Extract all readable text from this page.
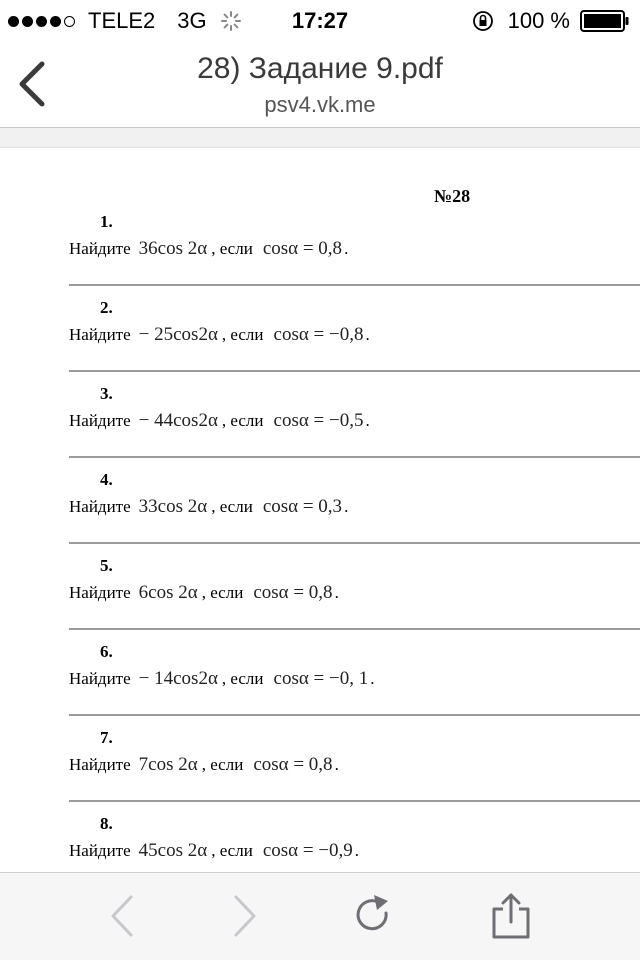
TELE2 3G	17:27	100 %
28) Задание 9.pdf
psv4.vk.me
№28
1.
Найдите 36cos 2α , если cosα = 0,8 .
2.
Найдите − 25cos2α , если cosα = −0,8 .
3.
Найдите − 44cos2α , если cosα = −0,5 .
4.
Найдите 33cos 2α , если cosα = 0,3 .
5.
Найдите 6cos 2α , если cosα = 0,8 .
6.
Найдите − 14cos2α , если cosα = −0, 1 .
7.
Найдите 7cos 2α , если cosα = 0,8 .
8.
Найдите 45cos 2α , если cosα = −0,9 .
